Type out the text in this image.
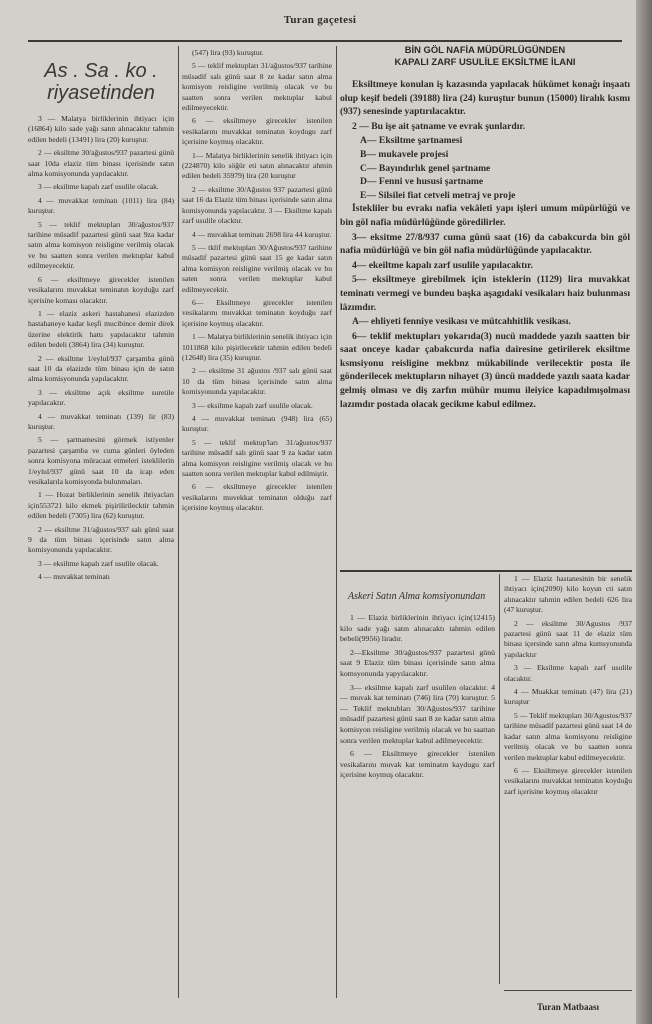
Turan gaçetesi

As . Sa . ko . riyasetinden

3 — Malatya birliklerinin ihtiyacı için (16864) kilo sade yağı satın alınacaktır tahmin edilen bedeli (13491) lira (20) kuruştur.

2 — eksiltme 30/ağustos/937 pazartesi günü saat 10da elaziz tüm binası içerisinde satın alma komisyonunda yapılacaktır.

3 — eksiltme kapalı zarf usulile olacak.

4 — muvakkat teminatı (1011) lira (84) kuruştur.

5 — teklif mektupları 30/ağustos/937 tarihine müsadif pazartesi günü saat 9za kadar satın alma komisyon reisligine verilmiş olacak ve bu saatten sonra verilen mektuplar kabul edilmeyecektir.

6 — eksiltmeye girecekler istenilen vesikalarını muvakkat teminatın koyduğu zarf içerisine koması olacaktır.

1 — elaziz askeri hastahanesi elazizden hastahaneye kadar keşfi mucibince demir direk üzerine elektirik hattı yapılacaktır tahmin edilen bedeli (3864) lira (34) kuruştur.

2 — eksiltme 1/eylul/937 çarşamba günü saat 10 da elazizde tüm binası için de satın alma komisyonunda yapılacaktır.

3 — eksiltme açık eksiltme suretile yapılacaktır.

4 — muvakkat teminatı (139) lir (83) kuruştur.

5 — şartnamesini görmek istiyenler pazartesi çarşamba ve cuma günleri öyleden sonra komisyona müracaat etmeleri isteklilerin 1/eylul/937 günü saat 10 da icap eden vesikalarıla komisyonda bulunmaları.

1 — Hozat birliklerinin senelik ihtiyacları için553721 kilo ekmek pişirilirilecktir tahmin edilen bedeli (7305) lira (62) kuruştur.

2 — eksiltme 31/ağustos/937 salı günü saat 9 da tüm binası içerisinde satın alma komisyonunda yapılacaktır.

3 — eksiltme kapalı zarf usulile olacak.

4 — muvakkat teminatı

(547) lira (93) kuruştur.

5 — teklif mektupları 31/ağustos/937 tarihine müsadif salı günü saat 8 ze kadar satın alma komisyon reisligine verilmiş olacak ve bu saatten sonra verilen mektuplar kabul edilmeyecektir.

6 — eksiltmeye girecekler istenilen vesikalarını muvakkat teminatın koydugu zarf içerisine koymuş olacaktır.

1— Malatya birliklerinin senelik ihtiyacı için (224870) kilo söğür eti satın alınacaktır ahmin edilen bedeli 35979) lira (20 kuruştur

2 — eksiltme 30/Ağustos 937 pazartesi günü saat 16 da Elaziz tüm binası içerisinde satın alma komisyonunda yapılacaktır. 3 — Eksiltme kapalı zarf usulile olacktır.

4 — muvakkat teminatı 2698 lira 44 kuruştur.

5 — tklif mektupları 30/Ağustos/937 tarihine müsadif pazartesi günü saat 15 ge kadar satın alma komisyon reisligine verilmiş olacak ve bu saten sonra verilen mektuplar kabul edilmeyecektir.

6— Eksiltmeye girecekler istenilen vesikalarını muvakkat teminatın koyduğu zarf içerisine koymuş olacaktır.

1 — Malatya birliklerinin senelik ihtiyacı için 1011868 kilo pişirilecektir tahmin edilen bedeli (12648) lira (35) kuruştur.

2 — eksiltme 31 ağustos /937 salı günü saat 10 da tüm binası içerisinde satın alma komisyonunda yapılacaktır.

3 — eksiltme kapalı zarf usulile olacak.

4 — muvakkat teminatı (948) lira (65) kuruştur.

5 — teklif mektup'ları 31/ağustos/937 tarihine müsadif salı günü saat 9 za kadar satın alma komisyon reisligine verilmiş olacak ve bu saatten sonra verilen mektuplar kabul edilmiştir.

6 — eksiltmeye girecekler istenilen vesikalarını muvekkat teminatın olduğu zarf içerisine koymuş olacaktır.

BİN GÖL NAFİA MÜDÜRLÜGÜNDEN
KAPALI ZARF USULİLE EKSİLTME İLANI

Eksiltmeye konulan iş kazasında yapılacak hükümet konağı inşaatı olup keşif bedeli (39188) lira (24) kuruştur bunun (15000) liralık kısmı (937) senesinde yaptırılacaktır.

2 — Bu işe ait şatname ve evrak şunlardır.

A— Eksiltme şartnamesi

B— mukavele projesi

C— Bayındırlık genel şartname

D— Fenni ve hususi şartname

E— Silsilei fiat cetveli metraj ve proje

İstekliler bu evrakı nafia vekâleti yapı işleri umum müpürlüğü ve bin göl nafia müdürlüğünde göredilirler.

3— eksitme 27/8/937 cuma günü saat (16) da cabakcurda bin göl nafia müdürlüğü ve bin göl nafia müdürlüğünde yapılacaktır.

4— ekeiltme kapalı zarf usulile yapılacaktır.

5— eksiltmeye girebilmek için isteklerin (1129) lira muvakkat teminatı vermegi ve bundeu başka aşagıdaki vesikaları haiz bulunması lâzımdır.

A— ehliyeti fenniye vesikası ve mütcahhitlik vesikası.

6— teklif mektupları yokarıda(3) nucü maddede yazılı saatten bir saat onceye kadar çabakcurda nafia dairesine getirilerek eksiltme ksmsiyonu reisligine mekbnz mükabilinde verilecektir posta ile gönderilecek mektupların nihayet (3) üncü maddede yazılı saata kadar gelmiş olması ve diş zarfın mühür mumu ileiyice kapadılmışolması lazımdır postada olacak gecikme kabul edilmez.

Askeri Satın Alma komsiyonundan

1 — Elaziz birliklerinin ihtiyacı için(12415) kilo sade yağı satın alınacaktı tahmin edilen bebeli(9956) liradır.

2—Eksiltme 30/ağustos/937 pazartesi günü saat 9 Elaziz tüm binası içerisinde satın alma komsyonunda yapyılacaktır.

3— eksiltme kapalı zarf usulilen olacaktır. 4— muvak kat teminatı (746) lira (70) kuruştur. 5— Teklif mektubları 30/Ağustos/937 tarihine müsadif pazartesi günü saat 8 ze kadar satın alma komisyon reisligine verilmiş olacak ve bu saattan sonra verilen mektuplar kabul adilmeyecektir.

6 — Eksiltmeye girecekler istenilen vesikalarını muvak kat teminatın kaydugu zarf içerisine koymuş olacaktır.

1 — Elaziz hastanesinin bir senelik ihtiyacı için(2090) kilo koyun cti satın alınacaktır tahmin edilen bedeli 626 lira (47 kuruştur.

2 — eksiltme 30/Agustos /937 pazartesi günü saat 11 de elaziz tüm binası içersinde satın alma kumsyonunda yapılacktır

3 — Eksiltme kapalı zarf usulile olacaktır.

4 — Muakkat teminatı (47) lira (21) kuruştur

5 — Teklif mektupları 30/Agustos/937 tarihine müsadif pazartesi günü saat 14 de kadar satın alma komisyonu reisligine verilmiş olacak ve bu saatten sonra verilen mektuplar kabul edilmeyecektir.

6 — Eksiltmeye girecekler istenilen vesikalarını muvakkat teminatın koyduğu zarf içerisine koymuş olacaktır

Turan Matbaası
